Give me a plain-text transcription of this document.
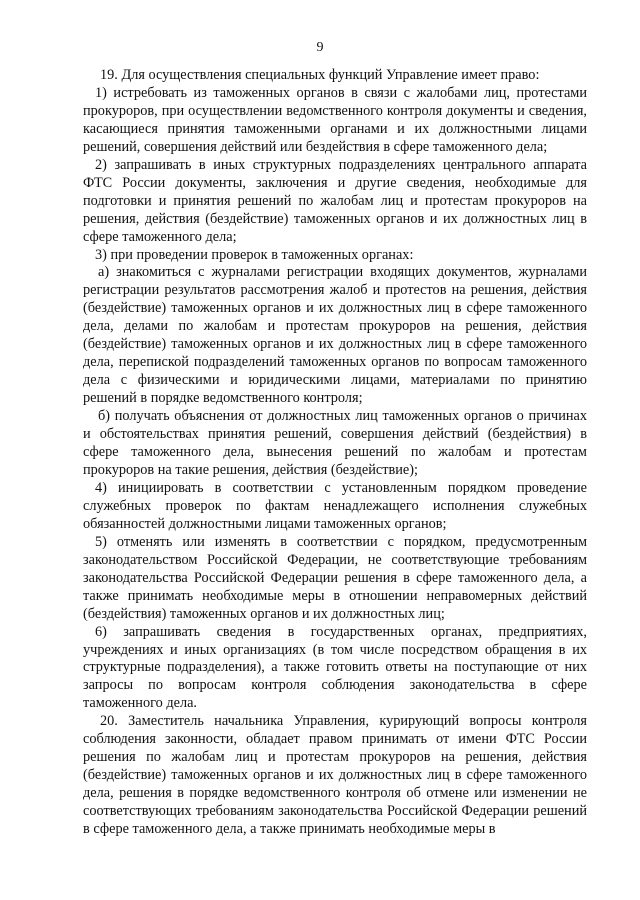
9

19. Для осуществления специальных функций Управление имеет право:

1) истребовать из таможенных органов в связи с жалобами лиц, протестами прокуроров, при осуществлении ведомственного контроля документы и сведения, касающиеся принятия таможенными органами и их должностными лицами решений, совершения действий или бездействия в сфере таможенного дела;

2) запрашивать в иных структурных подразделениях центрального аппарата ФТС России документы, заключения и другие сведения, необходимые для подготовки и принятия решений по жалобам лиц и протестам прокуроров на решения, действия (бездействие) таможенных органов и их должностных лиц в сфере таможенного дела;

3) при проведении проверок в таможенных органах:

а) знакомиться с журналами регистрации входящих документов, журналами регистрации результатов рассмотрения жалоб и протестов на решения, действия (бездействие) таможенных органов и их должностных лиц в сфере таможенного дела, делами по жалобам и протестам прокуроров на решения, действия (бездействие) таможенных органов и их должностных лиц в сфере таможенного дела, перепиской подразделений таможенных органов по вопросам таможенного дела с физическими и юридическими лицами, материалами по принятию решений в порядке ведомственного контроля;

б) получать объяснения от должностных лиц таможенных органов о причинах и обстоятельствах принятия решений, совершения действий (бездействия) в сфере таможенного дела, вынесения решений по жалобам и протестам прокуроров на такие решения, действия (бездействие);

4) инициировать в соответствии с установленным порядком проведение служебных проверок по фактам ненадлежащего исполнения служебных обязанностей должностными лицами таможенных органов;

5) отменять или изменять в соответствии с порядком, предусмотренным законодательством Российской Федерации, не соответствующие требованиям законодательства Российской Федерации решения в сфере таможенного дела, а также принимать необходимые меры в отношении неправомерных действий (бездействия) таможенных органов и их должностных лиц;

6) запрашивать сведения в государственных органах, предприятиях, учреждениях и иных организациях (в том числе посредством обращения в их структурные подразделения), а также готовить ответы на поступающие от них запросы по вопросам контроля соблюдения законодательства в сфере таможенного дела.

20. Заместитель начальника Управления, курирующий вопросы контроля соблюдения законности, обладает правом принимать от имени ФТС России решения по жалобам лиц и протестам прокуроров на решения, действия (бездействие) таможенных органов и их должностных лиц в сфере таможенного дела, решения в порядке ведомственного контроля об отмене или изменении не соответствующих требованиям законодательства Российской Федерации решений в сфере таможенного дела, а также принимать необходимые меры в
